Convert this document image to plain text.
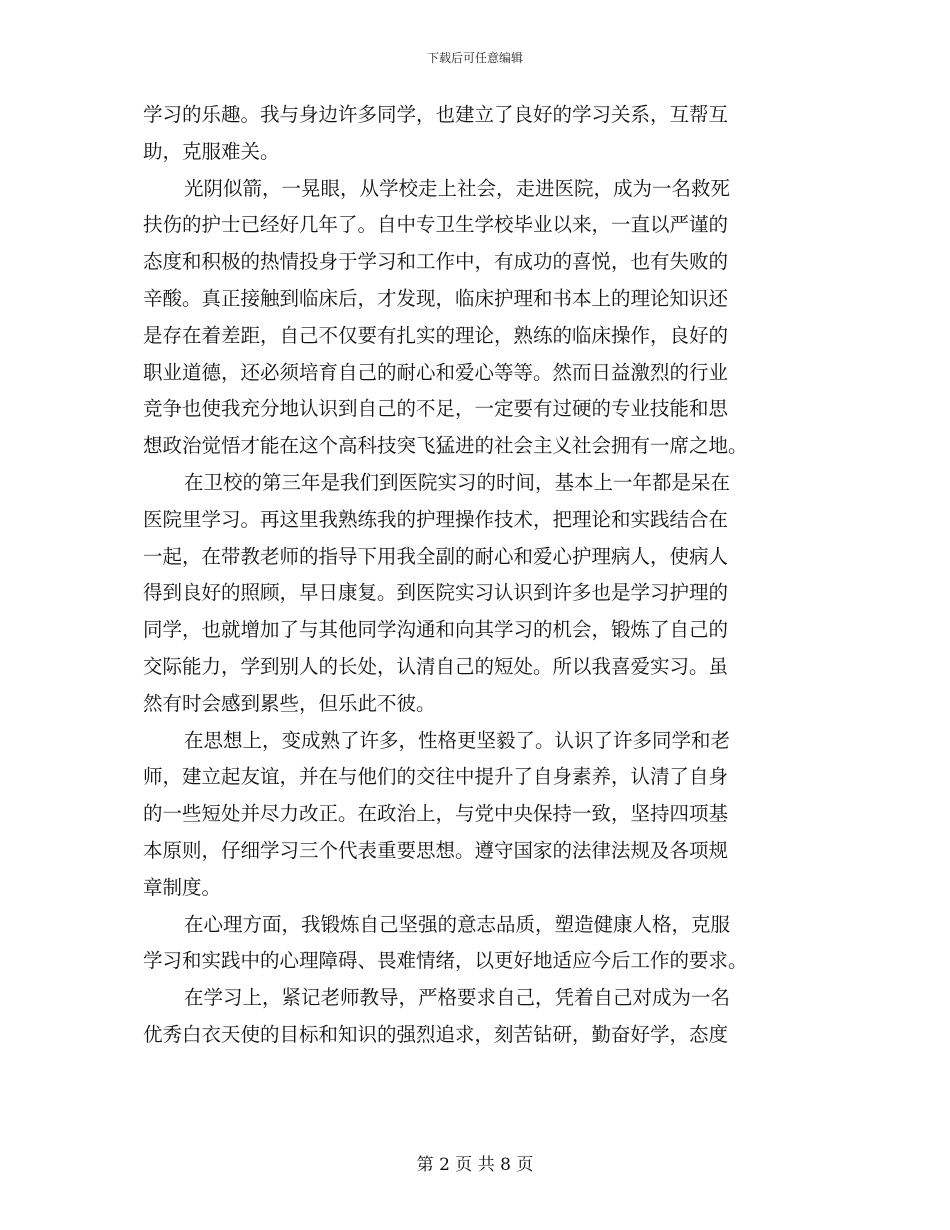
下载后可任意编辑
学习的乐趣。我与身边许多同学，也建立了良好的学习关系，互帮互
助，克服难关。
光阴似箭，一晃眼，从学校走上社会，走进医院，成为一名救死
扶伤的护士已经好几年了。自中专卫生学校毕业以来，一直以严谨的
态度和积极的热情投身于学习和工作中，有成功的喜悦，也有失败的
辛酸。真正接触到临床后，才发现，临床护理和书本上的理论知识还
是存在着差距，自己不仅要有扎实的理论，熟练的临床操作，良好的
职业道德，还必须培育自己的耐心和爱心等等。然而日益激烈的行业
竞争也使我充分地认识到自己的不足，一定要有过硬的专业技能和思
想政治觉悟才能在这个高科技突飞猛进的社会主义社会拥有一席之地。
在卫校的第三年是我们到医院实习的时间，基本上一年都是呆在
医院里学习。再这里我熟练我的护理操作技术，把理论和实践结合在
一起，在带教老师的指导下用我全副的耐心和爱心护理病人，使病人
得到良好的照顾，早日康复。到医院实习认识到许多也是学习护理的
同学，也就增加了与其他同学沟通和向其学习的机会，锻炼了自己的
交际能力，学到别人的长处，认清自己的短处。所以我喜爱实习。虽
然有时会感到累些，但乐此不彼。
在思想上，变成熟了许多，性格更坚毅了。认识了许多同学和老
师，建立起友谊，并在与他们的交往中提升了自身素养，认清了自身
的一些短处并尽力改正。在政治上，与党中央保持一致，坚持四项基
本原则，仔细学习三个代表重要思想。遵守国家的法律法规及各项规
章制度。
在心理方面，我锻炼自己坚强的意志品质，塑造健康人格，克服
学习和实践中的心理障碍、畏难情绪，以更好地适应今后工作的要求。
在学习上，紧记老师教导，严格要求自己，凭着自己对成为一名
优秀白衣天使的目标和知识的强烈追求，刻苦钻研，勤奋好学，态度
第 2 页 共 8 页
